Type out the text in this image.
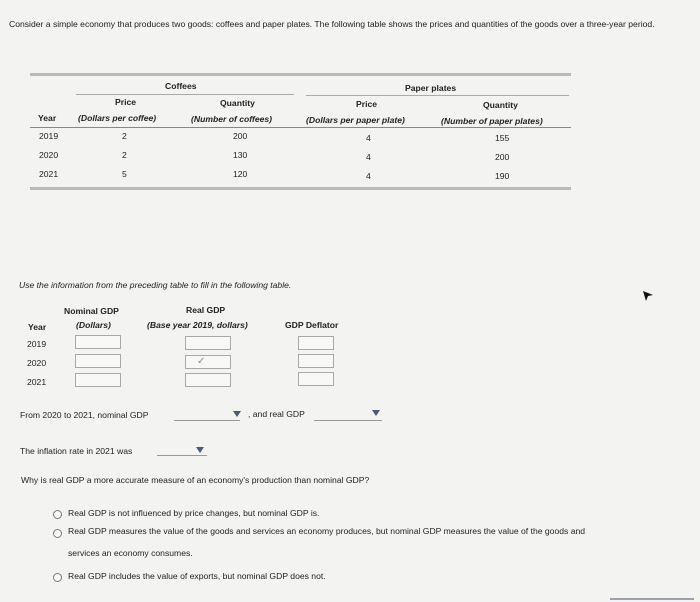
Consider a simple economy that produces two goods: coffees and paper plates. The following table shows the prices and quantities of the goods over a three-year period.
Coffees	Paper plates
Price	Quantity	Price	Quantity
Year	(Dollars per coffee)	(Number of coffees)	(Dollars per paper plate)	(Number of paper plates)
2019	2	200	4	155
2020	2	130	4	200
2021	5	120	4	190
Use the information from the preceding table to fill in the following table.
Nominal GDP	Real GDP
Year	(Dollars)	(Base year 2019, dollars)	GDP Deflator
2019
2020
2021
✓
From 2020 to 2021, nominal GDP	, and real GDP
The inflation rate in 2021 was
Why is real GDP a more accurate measure of an economy's production than nominal GDP?
Real GDP is not influenced by price changes, but nominal GDP is.
Real GDP measures the value of the goods and services an economy produces, but nominal GDP measures the value of the goods and
services an economy consumes.
Real GDP includes the value of exports, but nominal GDP does not.
